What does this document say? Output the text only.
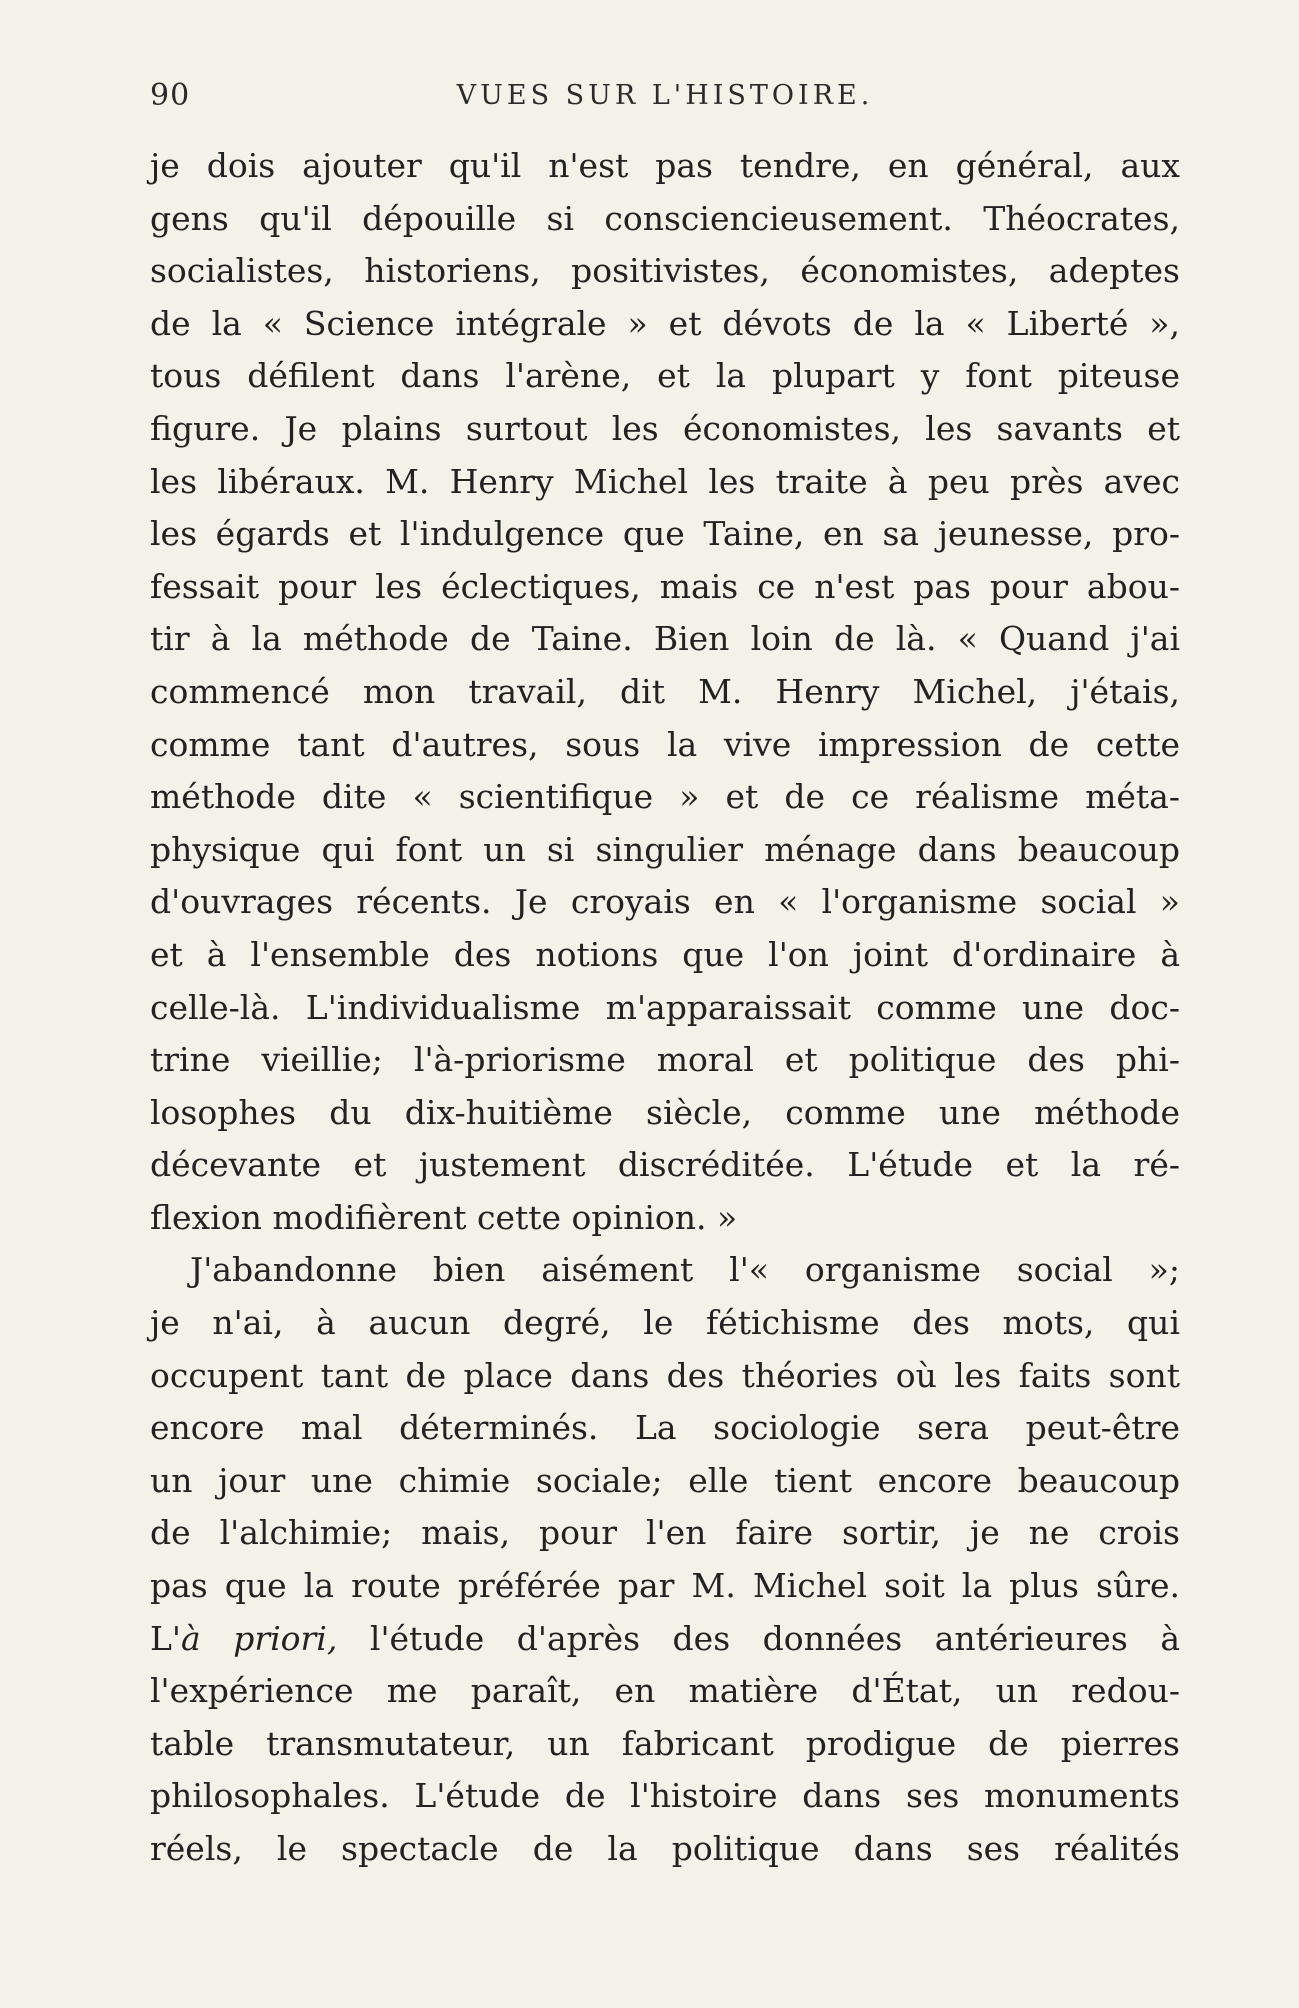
90	VUES SUR L'HISTOIRE.
je dois ajouter qu'il n'est pas tendre, en général, aux
gens qu'il dépouille si consciencieusement. Théocrates,
socialistes, historiens, positivistes, économistes, adeptes
de la « Science intégrale » et dévots de la « Liberté »,
tous défilent dans l'arène, et la plupart y font piteuse
figure. Je plains surtout les économistes, les savants et
les libéraux. M. Henry Michel les traite à peu près avec
les égards et l'indulgence que Taine, en sa jeunesse, pro-
fessait pour les éclectiques, mais ce n'est pas pour abou-
tir à la méthode de Taine. Bien loin de là. « Quand j'ai
commencé mon travail, dit M. Henry Michel, j'étais,
comme tant d'autres, sous la vive impression de cette
méthode dite « scientifique » et de ce réalisme méta-
physique qui font un si singulier ménage dans beaucoup
d'ouvrages récents. Je croyais en « l'organisme social »
et à l'ensemble des notions que l'on joint d'ordinaire à
celle-là. L'individualisme m'apparaissait comme une doc-
trine vieillie; l'à-priorisme moral et politique des phi-
losophes du dix-huitième siècle, comme une méthode
décevante et justement discréditée. L'étude et la ré-
flexion modifièrent cette opinion. »
J'abandonne bien aisément l'« organisme social »;
je n'ai, à aucun degré, le fétichisme des mots, qui
occupent tant de place dans des théories où les faits sont
encore mal déterminés. La sociologie sera peut-être
un jour une chimie sociale; elle tient encore beaucoup
de l'alchimie; mais, pour l'en faire sortir, je ne crois
pas que la route préférée par M. Michel soit la plus sûre.
L'à priori, l'étude d'après des données antérieures à
l'expérience me paraît, en matière d'État, un redou-
table transmutateur, un fabricant prodigue de pierres
philosophales. L'étude de l'histoire dans ses monuments
réels, le spectacle de la politique dans ses réalités
